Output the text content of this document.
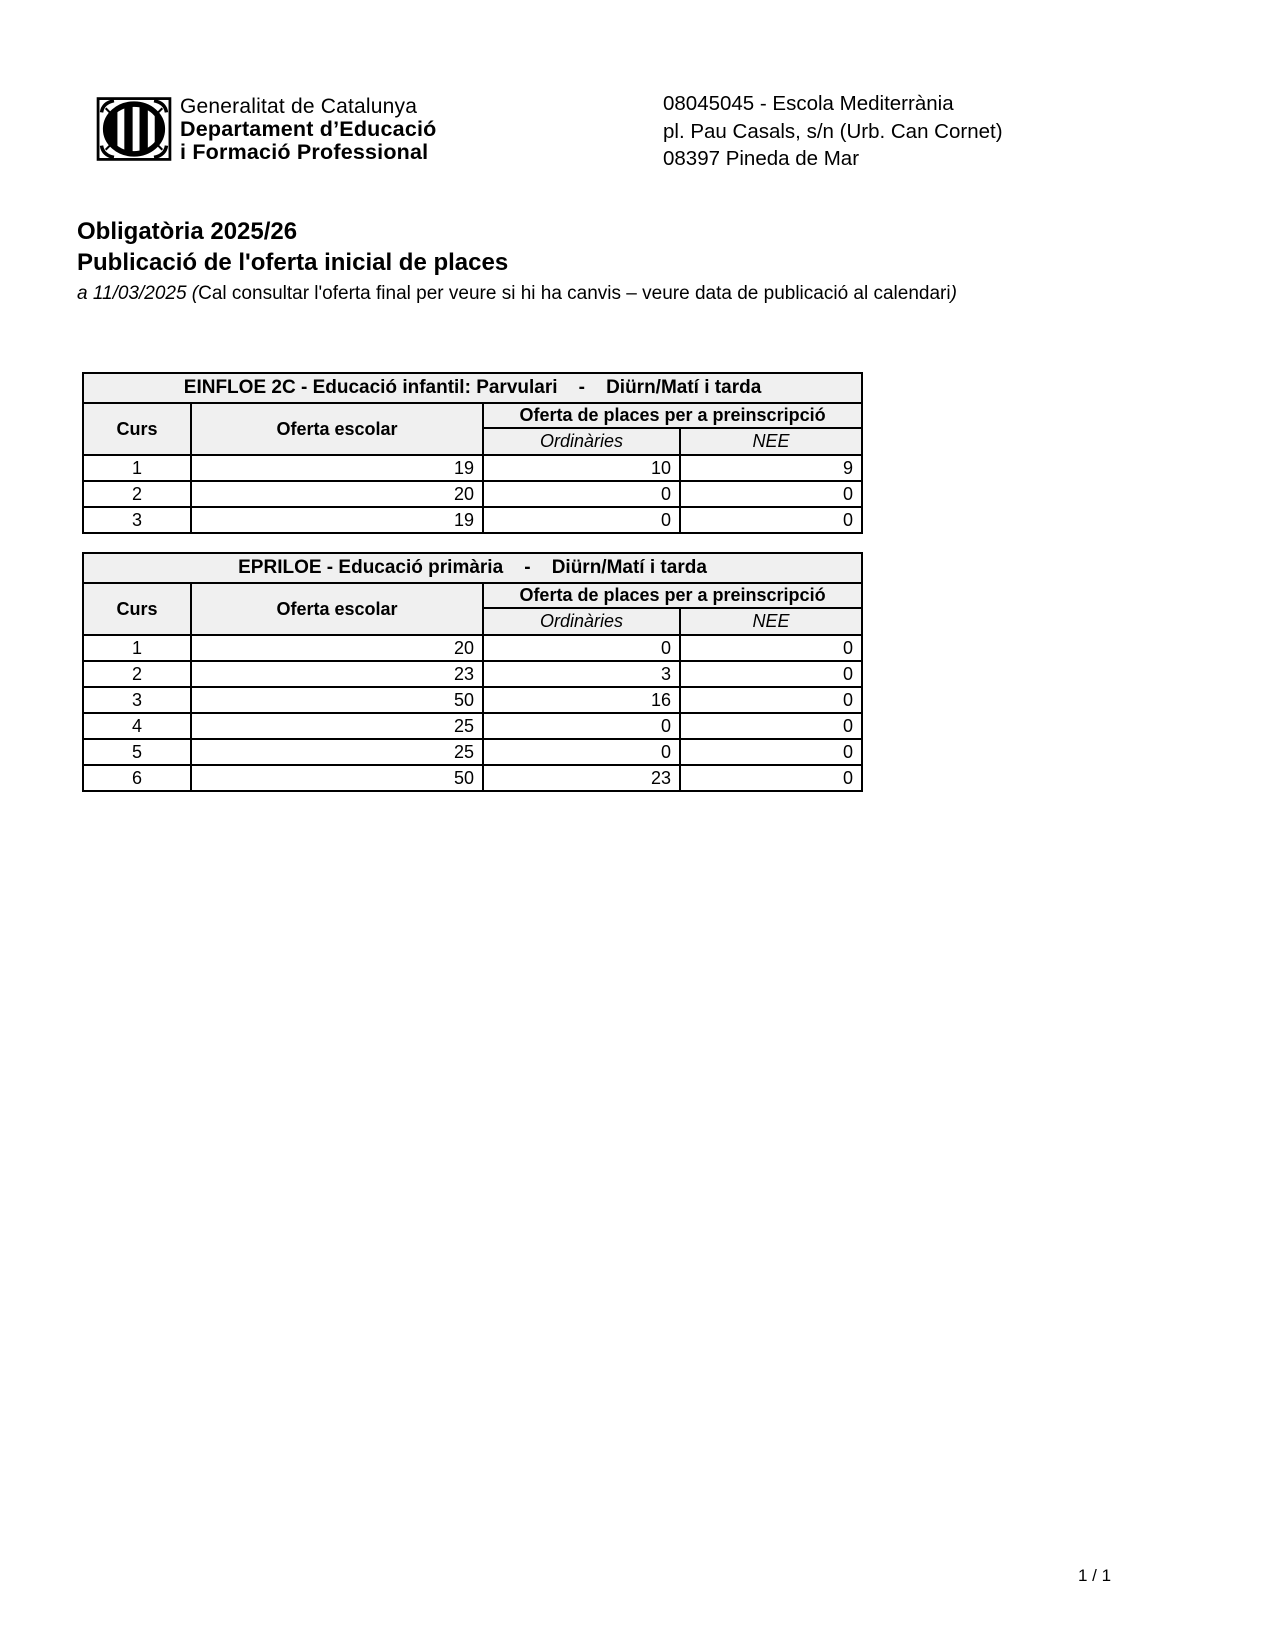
Generalitat de Catalunya
Departament d’Educació
i Formació Professional
08045045 - Escola Mediterrània
pl. Pau Casals, s/n (Urb. Can Cornet)
08397 Pineda de Mar
Obligatòria 2025/26
Publicació de l'oferta inicial de places
a 11/03/2025 (Cal consultar l'oferta final per veure si hi ha canvis – veure data de publicació al calendari)
EINFLOE 2C - Educació infantil: Parvulari    -    Diürn/Matí i tarda			
Curs	Oferta escolar	Oferta de places per a preinscripció	
		Ordinàries	NEE
1	19	10	9
2	20	0	0
3	19	0	0
EPRILOE - Educació primària    -    Diürn/Matí i tarda			
Curs	Oferta escolar	Oferta de places per a preinscripció	
		Ordinàries	NEE
1	20	0	0
2	23	3	0
3	50	16	0
4	25	0	0
5	25	0	0
6	50	23	0
1 / 1
